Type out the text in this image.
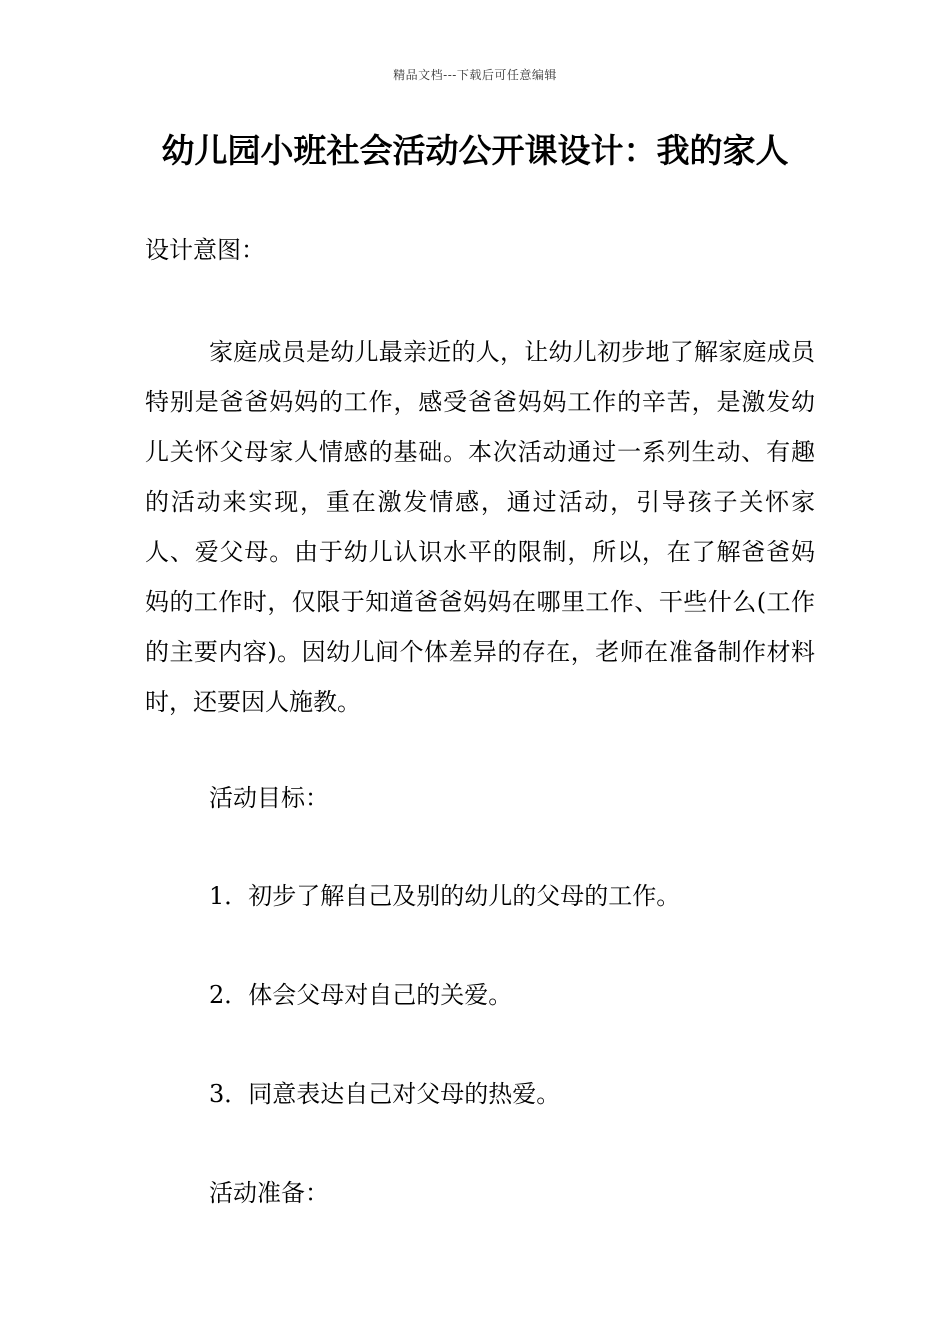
精品文档---下载后可任意编辑
幼儿园小班社会活动公开课设计：我的家人

设计意图：

家庭成员是幼儿最亲近的人，让幼儿初步地了解家庭成员特别是爸爸妈妈的工作，感受爸爸妈妈工作的辛苦，是激发幼儿关怀父母家人情感的基础。本次活动通过一系列生动、有趣的活动来实现，重在激发情感，通过活动，引导孩子关怀家人、爱父母。由于幼儿认识水平的限制，所以，在了解爸爸妈妈的工作时，仅限于知道爸爸妈妈在哪里工作、干些什么(工作的主要内容)。因幼儿间个体差异的存在，老师在准备制作材料时，还要因人施教。

活动目标：

1．初步了解自己及别的幼儿的父母的工作。

2．体会父母对自己的关爱。

3．同意表达自己对父母的热爱。

活动准备：
